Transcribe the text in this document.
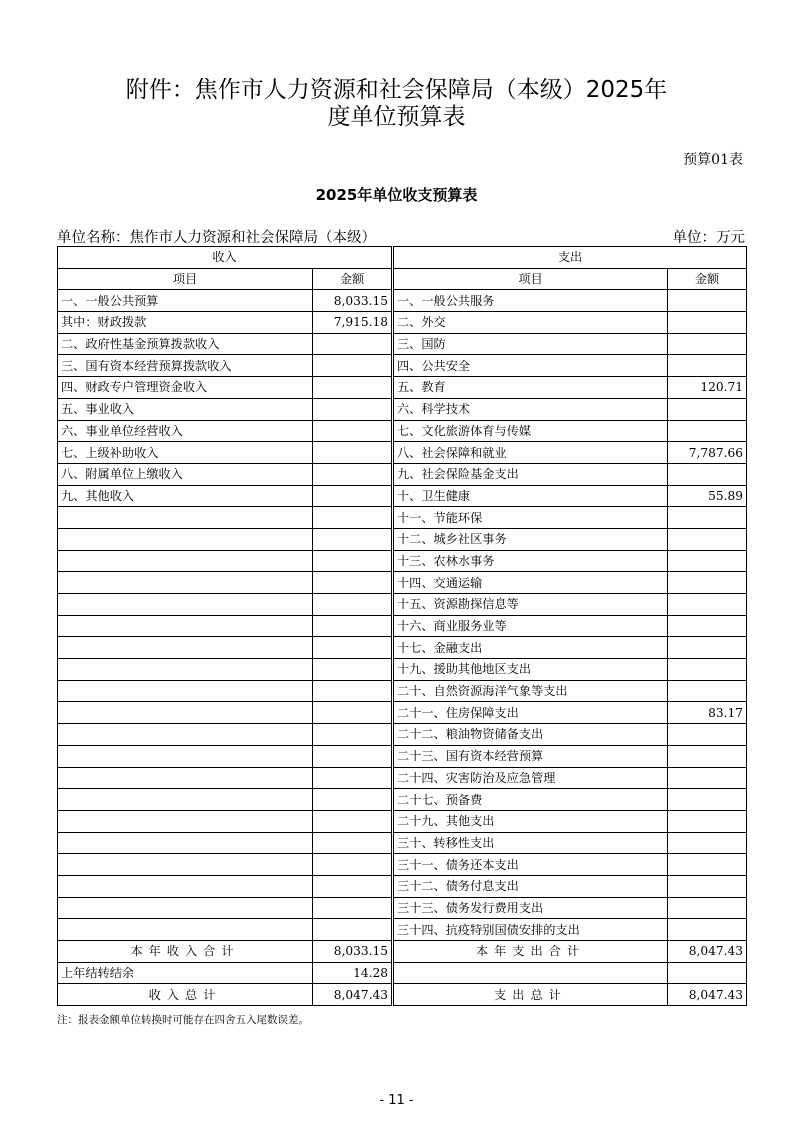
附件：焦作市人力资源和社会保障局（本级）2025年
度单位预算表
预算01表
2025年单位收支预算表
单位名称：焦作市人力资源和社会保障局（本级）	单位：万元
收入		支出	
项目	金额	项目	金额
一、一般公共预算	8,033.15	一、一般公共服务	
其中：财政拨款	7,915.18	二、外交	
二、政府性基金预算拨款收入		三、国防	
三、国有资本经营预算拨款收入		四、公共安全	
四、财政专户管理资金收入		五、教育	120.71
五、事业收入		六、科学技术	
六、事业单位经营收入		七、文化旅游体育与传媒	
七、上级补助收入		八、社会保障和就业	7,787.66
八、附属单位上缴收入		九、社会保险基金支出	
九、其他收入		十、卫生健康	55.89
		十一、节能环保	
		十二、城乡社区事务	
		十三、农林水事务	
		十四、交通运输	
		十五、资源勘探信息等	
		十六、商业服务业等	
		十七、金融支出	
		十九、援助其他地区支出	
		二十、自然资源海洋气象等支出	
		二十一、住房保障支出	83.17
		二十二、粮油物资储备支出	
		二十三、国有资本经营预算	
		二十四、灾害防治及应急管理	
		二十七、预备费	
		二十九、其他支出	
		三十、转移性支出	
		三十一、债务还本支出	
		三十二、债务付息支出	
		三十三、债务发行费用支出	
		三十四、抗疫特别国债安排的支出	
本年收入合计	8,033.15	本年支出合计	8,047.43
上年结转结余	14.28		
收入总计	8,047.43	支出总计	8,047.43
注：报表金额单位转换时可能存在四舍五入尾数误差。
- 11 -
